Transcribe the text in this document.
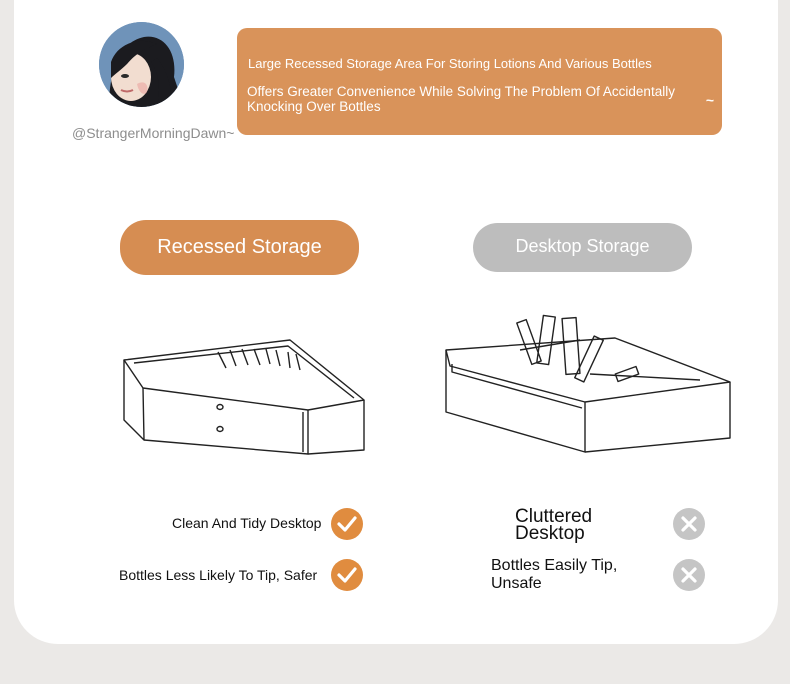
@StrangerMorningDawn~
Large Recessed Storage Area For Storing Lotions And Various Bottles
Offers Greater Convenience While Solving The Problem Of Accidentally Knocking Over Bottles	~
Recessed Storage	Desktop Storage
Clean And Tidy Desktop
Bottles Less Likely To Tip, Safer
Cluttered Desktop
Bottles Easily Tip, Unsafe
